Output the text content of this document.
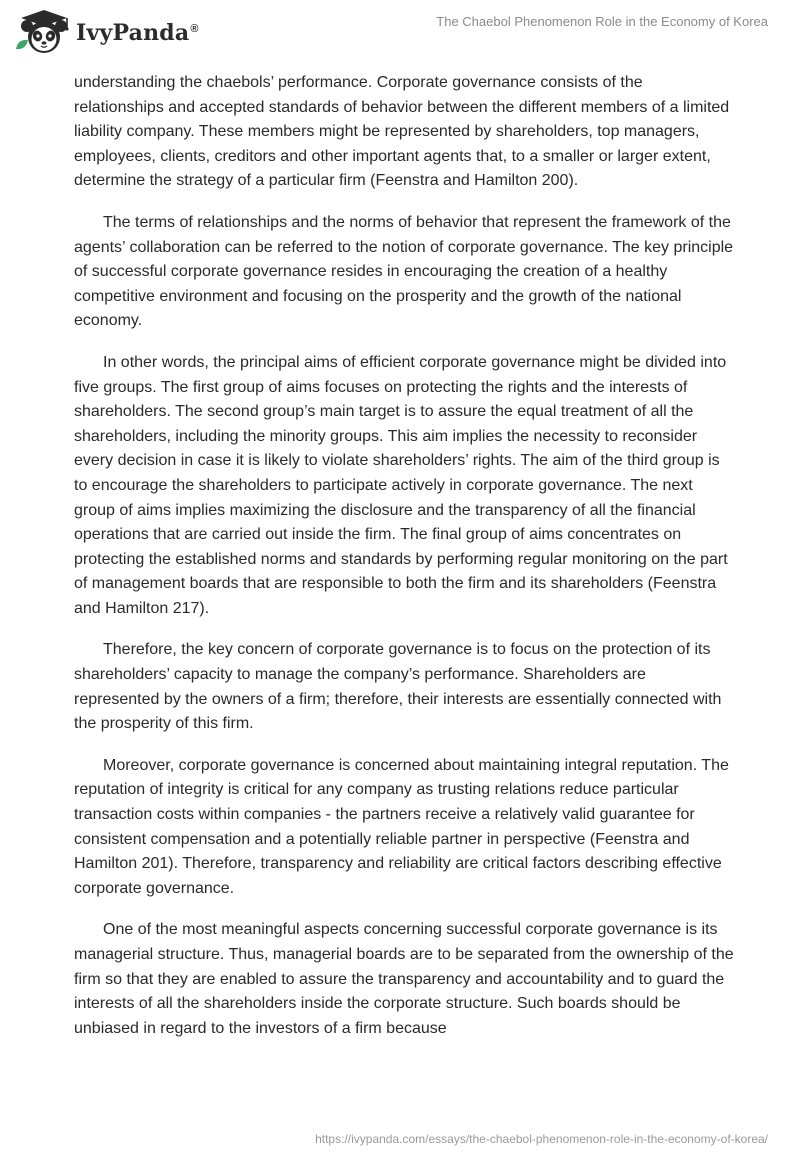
IvyPanda®	The Chaebol Phenomenon Role in the Economy of Korea

understanding the chaebols’ performance. Corporate governance consists of the relationships and accepted standards of behavior between the different members of a limited liability company. These members might be represented by shareholders, top managers, employees, clients, creditors and other important agents that, to a smaller or larger extent, determine the strategy of a particular firm (Feenstra and Hamilton 200).

The terms of relationships and the norms of behavior that represent the framework of the agents’ collaboration can be referred to the notion of corporate governance. The key principle of successful corporate governance resides in encouraging the creation of a healthy competitive environment and focusing on the prosperity and the growth of the national economy.

In other words, the principal aims of efficient corporate governance might be divided into five groups. The first group of aims focuses on protecting the rights and the interests of shareholders. The second group’s main target is to assure the equal treatment of all the shareholders, including the minority groups. This aim implies the necessity to reconsider every decision in case it is likely to violate shareholders’ rights. The aim of the third group is to encourage the shareholders to participate actively in corporate governance. The next group of aims implies maximizing the disclosure and the transparency of all the financial operations that are carried out inside the firm. The final group of aims concentrates on protecting the established norms and standards by performing regular monitoring on the part of management boards that are responsible to both the firm and its shareholders (Feenstra and Hamilton 217).

Therefore, the key concern of corporate governance is to focus on the protection of its shareholders’ capacity to manage the company’s performance. Shareholders are represented by the owners of a firm; therefore, their interests are essentially connected with the prosperity of this firm.

Moreover, corporate governance is concerned about maintaining integral reputation. The reputation of integrity is critical for any company as trusting relations reduce particular transaction costs within companies - the partners receive a relatively valid guarantee for consistent compensation and a potentially reliable partner in perspective (Feenstra and Hamilton 201). Therefore, transparency and reliability are critical factors describing effective corporate governance.

One of the most meaningful aspects concerning successful corporate governance is its managerial structure. Thus, managerial boards are to be separated from the ownership of the firm so that they are enabled to assure the transparency and accountability and to guard the interests of all the shareholders inside the corporate structure. Such boards should be unbiased in regard to the investors of a firm because

https://ivypanda.com/essays/the-chaebol-phenomenon-role-in-the-economy-of-korea/
